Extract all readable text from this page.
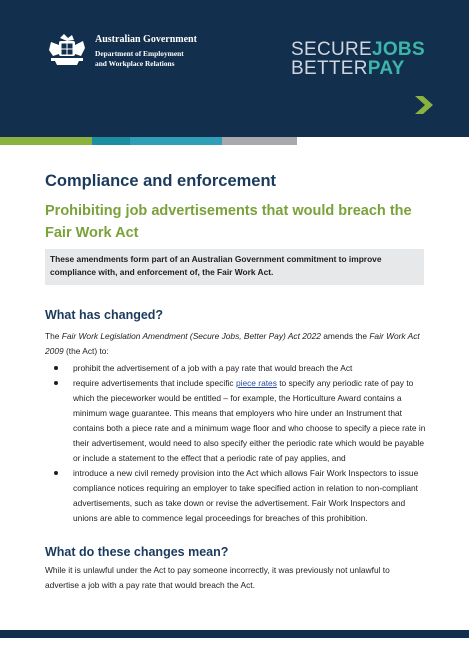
Australian Government
Department of Employment
and Workplace Relations
SECUREJOBS
BETTERPAY
Compliance and enforcement
Prohibiting job advertisements that would breach the Fair Work Act
These amendments form part of an Australian Government commitment to improve compliance with, and enforcement of, the Fair Work Act.
What has changed?

The Fair Work Legislation Amendment (Secure Jobs, Better Pay) Act 2022 amends the Fair Work Act 2009 (the Act) to:

prohibit the advertisement of a job with a pay rate that would breach the Act
require advertisements that include specific piece rates to specify any periodic rate of pay to which the pieceworker would be entitled – for example, the Horticulture Award contains a minimum wage guarantee. This means that employers who hire under an Instrument that contains both a piece rate and a minimum wage floor and who choose to specify a piece rate in their advertisement, would need to also specify either the periodic rate which would be payable or include a statement to the effect that a periodic rate of pay applies, and
introduce a new civil remedy provision into the Act which allows Fair Work Inspectors to issue compliance notices requiring an employer to take specified action in relation to non-compliant advertisements, such as take down or revise the advertisement. Fair Work Inspectors and unions are able to commence legal proceedings for breaches of this prohibition.
What do these changes mean?

While it is unlawful under the Act to pay someone incorrectly, it was previously not unlawful to advertise a job with a pay rate that would breach the Act.
